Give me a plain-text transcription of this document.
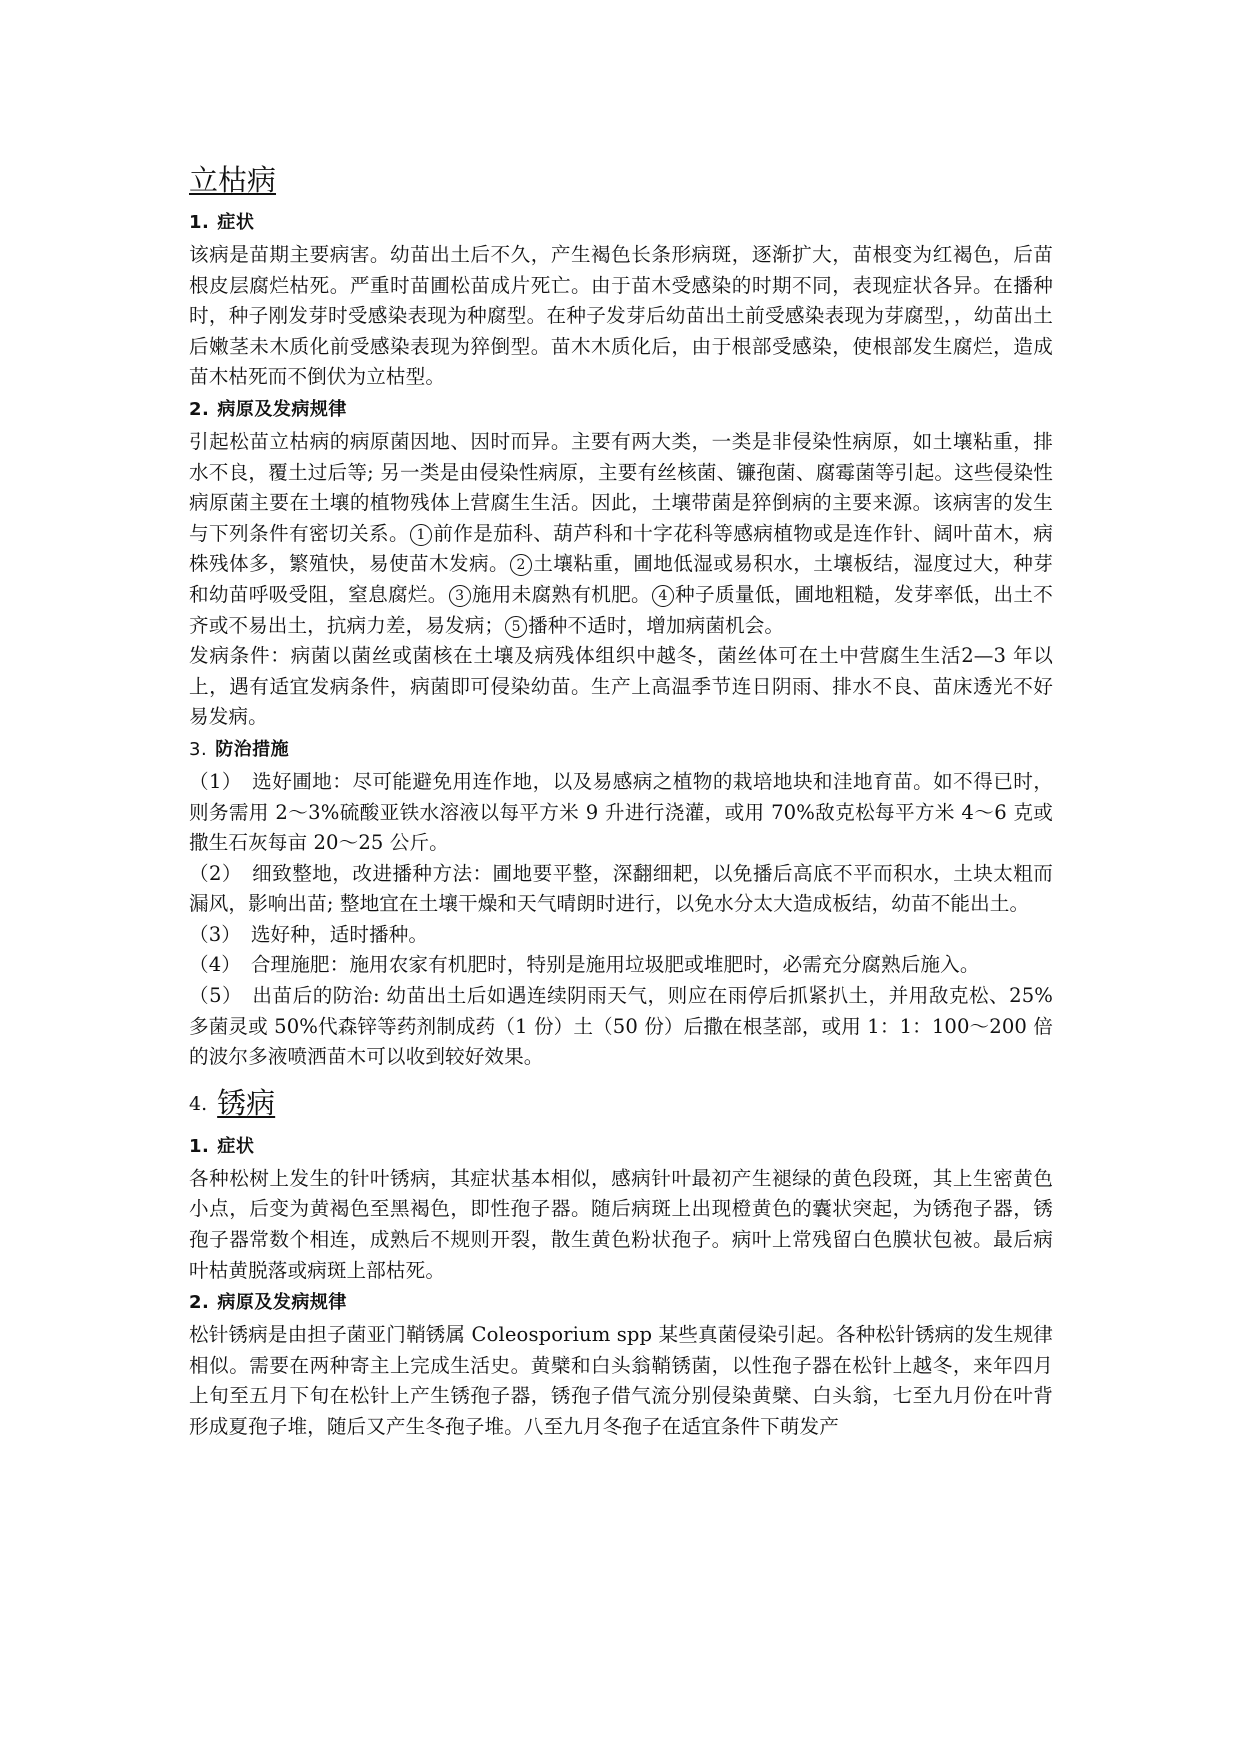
立枯病
1. 症状

该病是苗期主要病害。幼苗出土后不久，产生褐色长条形病斑，逐渐扩大，苗根变为红褐色，后苗根皮层腐烂枯死。严重时苗圃松苗成片死亡。由于苗木受感染的时期不同，表现症状各异。在播种时，种子刚发芽时受感染表现为种腐型。在种子发芽后幼苗出土前受感染表现为芽腐型，，幼苗出土后嫩茎未木质化前受感染表现为猝倒型。苗木木质化后，由于根部受感染，使根部发生腐烂，造成苗木枯死而不倒伏为立枯型。

2. 病原及发病规律

引起松苗立枯病的病原菌因地、因时而异。主要有两大类，一类是非侵染性病原，如土壤粘重，排水不良，覆土过后等; 另一类是由侵染性病原，主要有丝核菌、镰孢菌、腐霉菌等引起。这些侵染性病原菌主要在土壤的植物残体上营腐生生活。因此，土壤带菌是猝倒病的主要来源。该病害的发生与下列条件有密切关系。 1 前作是茄科、葫芦科和十字花科等感病植物或是连作针、阔叶苗木，病株残体多，繁殖快，易使苗木发病。 2 土壤粘重，圃地低湿或易积水，土壤板结，湿度过大，种芽和幼苗呼吸受阻，窒息腐烂。 3 施用未腐熟有机肥。 4 种子质量低，圃地粗糙，发芽率低，出土不齐或不易出土，抗病力差，易发病； 5 播种不适时，增加病菌机会。

发病条件：病菌以菌丝或菌核在土壤及病残体组织中越冬，菌丝体可在土中营腐生生活2—3 年以上，遇有适宜发病条件，病菌即可侵染幼苗。生产上高温季节连日阴雨、排水不良、苗床透光不好易发病。

3. 防治措施

（1）　选好圃地：尽可能避免用连作地，以及易感病之植物的栽培地块和洼地育苗。如不得已时，则务需用 2～3%硫酸亚铁水溶液以每平方米 9 升进行浇灌，或用 70%敌克松每平方米 4～6 克或撒生石灰每亩 20～25 公斤。

（2）　细致整地，改进播种方法：圃地要平整，深翻细耙，以免播后高底不平而积水，土块太粗而漏风，影响出苗; 整地宜在土壤干燥和天气晴朗时进行，以免水分太大造成板结，幼苗不能出土。

（3）　选好种，适时播种。

（4）　合理施肥：施用农家有机肥时，特别是施用垃圾肥或堆肥时，必需充分腐熟后施入。

（5）　出苗后的防治: 幼苗出土后如遇连续阴雨天气，则应在雨停后抓紧扒土，并用敌克松、25%多菌灵或 50%代森锌等药剂制成药（1 份）土（50 份）后撒在根茎部，或用 1：1：100～200 倍的波尔多液喷洒苗木可以收到较好效果。

4. 锈病
1. 症状

各种松树上发生的针叶锈病，其症状基本相似，感病针叶最初产生褪绿的黄色段斑，其上生密黄色小点，后变为黄褐色至黑褐色，即性孢子器。随后病斑上出现橙黄色的囊状突起，为锈孢子器，锈孢子器常数个相连，成熟后不规则开裂，散生黄色粉状孢子。病叶上常残留白色膜状包被。最后病叶枯黄脱落或病斑上部枯死。

2. 病原及发病规律

松针锈病是由担子菌亚门鞘锈属 Coleosporium spp 某些真菌侵染引起。各种松针锈病的发生规律相似。需要在两种寄主上完成生活史。黄檗和白头翁鞘锈菌，以性孢子器在松针上越冬，来年四月上旬至五月下旬在松针上产生锈孢子器，锈孢子借气流分别侵染黄檗、白头翁，七至九月份在叶背形成夏孢子堆，随后又产生冬孢子堆。八至九月冬孢子在适宜条件下萌发产
